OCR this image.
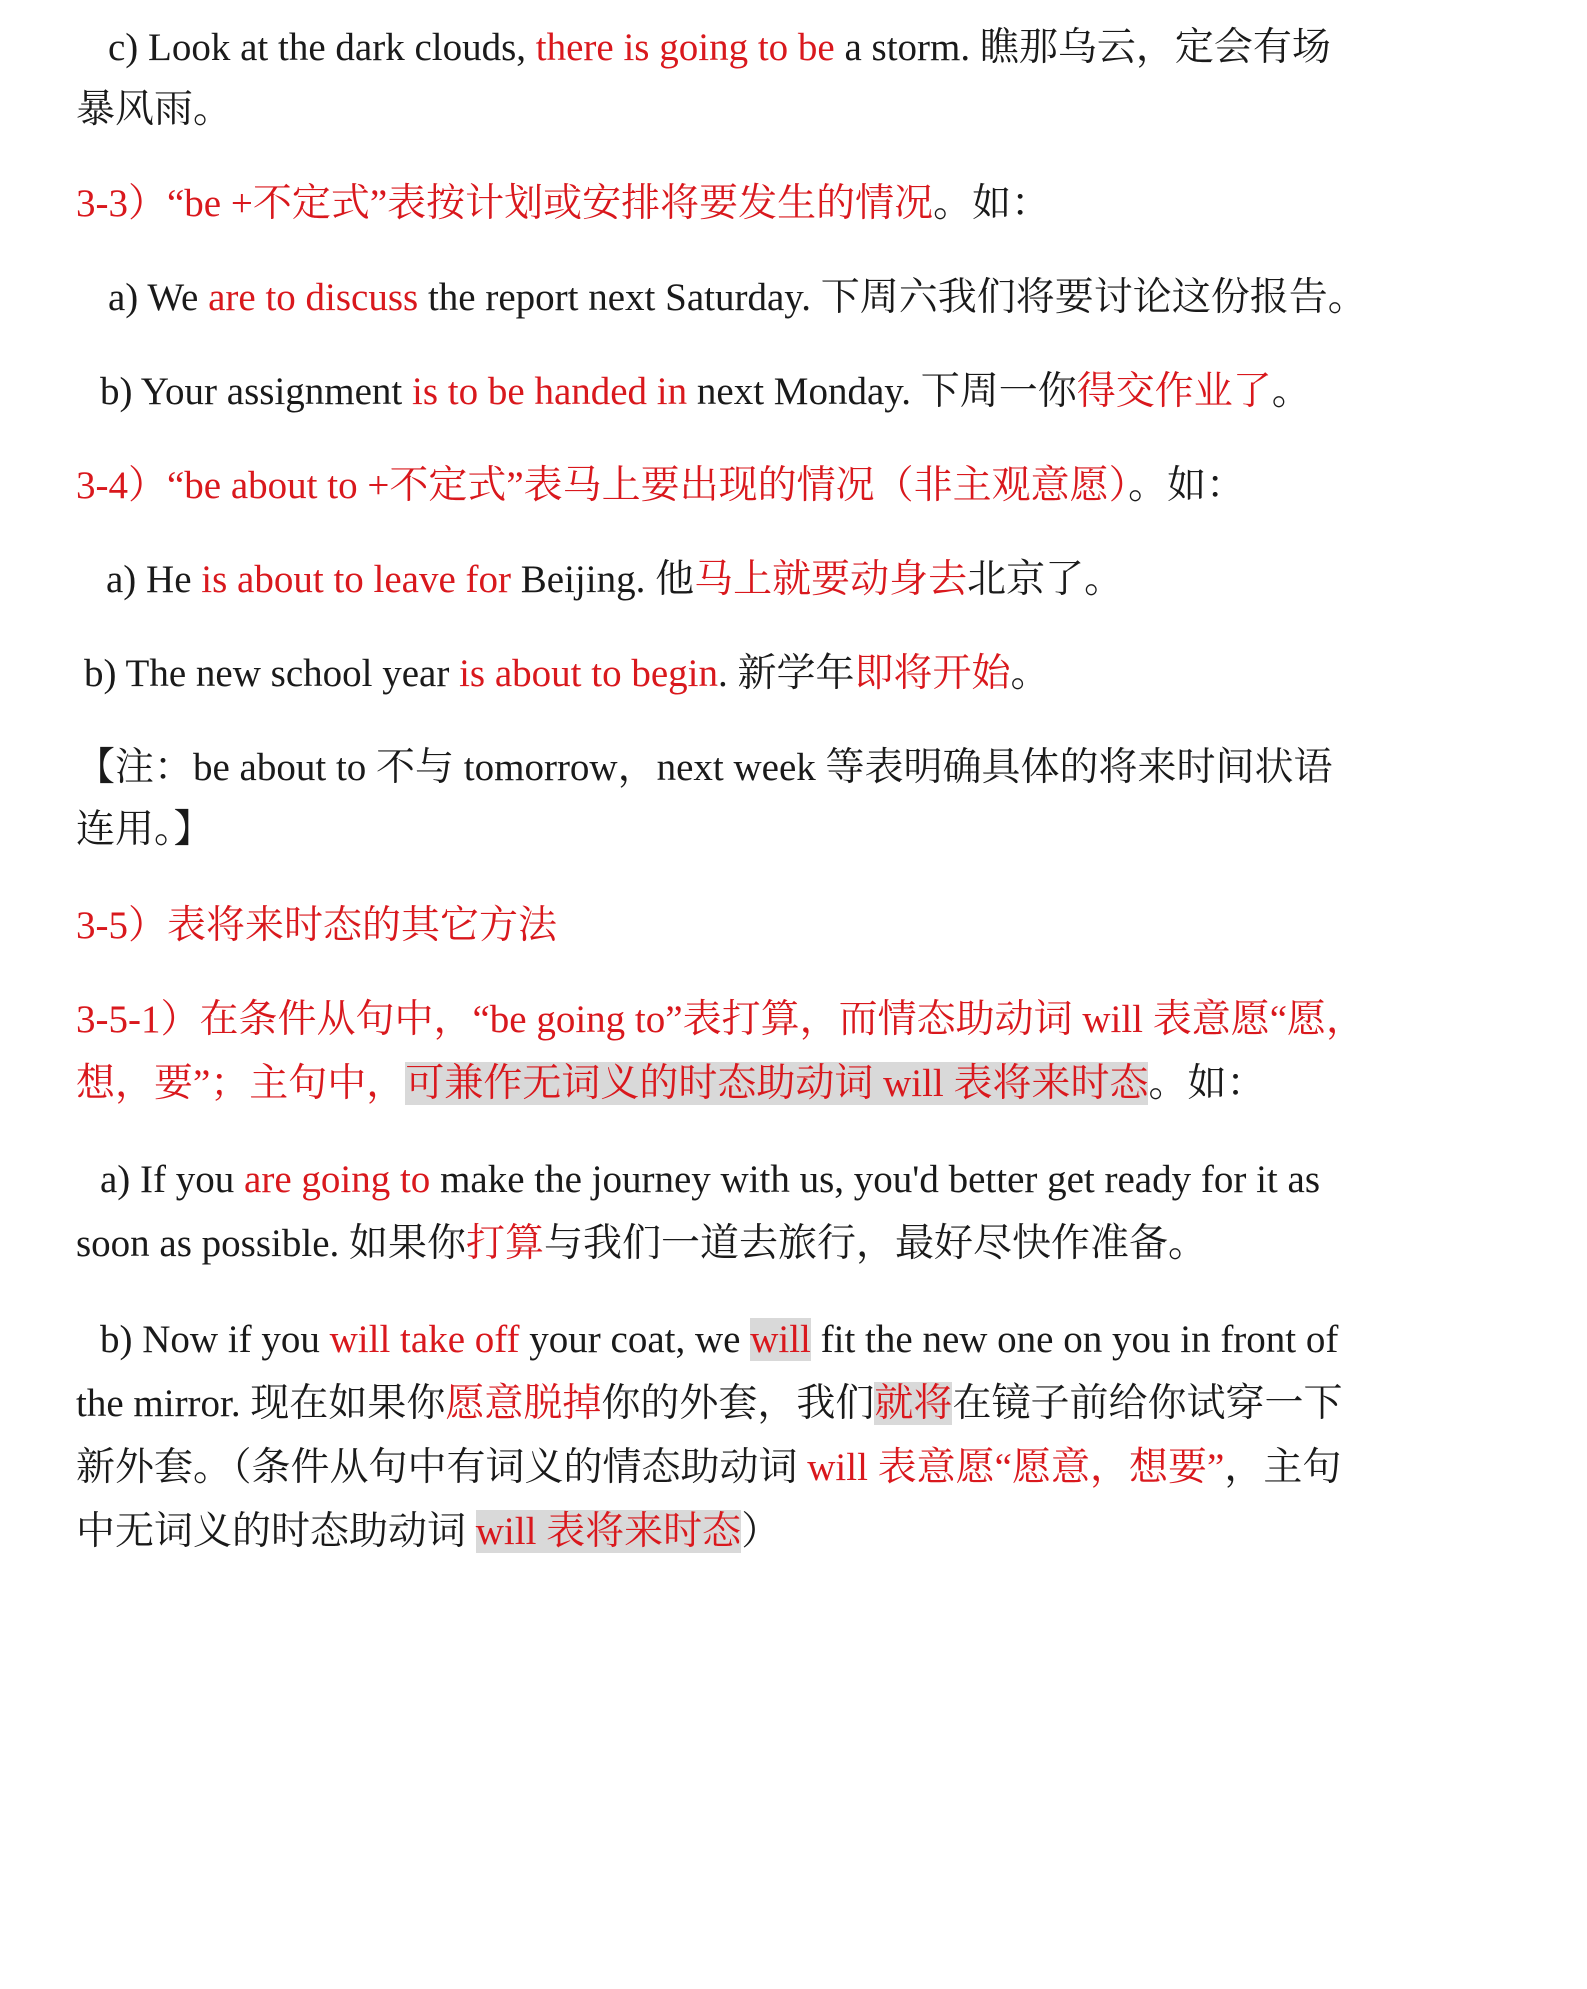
c) Look at the dark clouds, there is going to be a storm. 瞧那乌云，定会有场
暴风雨。
3-3）“be +不定式”表按计划或安排将要发生的情况。如：
a) We are to discuss the report next Saturday. 下周六我们将要讨论这份报告。
b) Your assignment is to be handed in next Monday. 下周一你得交作业了。
3-4）“be about to +不定式”表马上要出现的情况（非主观意愿）。如：
a) He is about to leave for Beijing. 他马上就要动身去北京了。
b) The new school year is about to begin. 新学年即将开始。
【注：be about to 不与 tomorrow，next week 等表明确具体的将来时间状语
连用。】
3-5）表将来时态的其它方法
3-5-1）在条件从句中，“be going to”表打算，而情态助动词 will 表意愿“愿，
想，要”；主句中，可兼作无词义的时态助动词 will 表将来时态。如：
a) If you are going to make the journey with us, you'd better get ready for it as
soon as possible. 如果你打算与我们一道去旅行，最好尽快作准备。
b) Now if you will take off your coat, we will fit the new one on you in front of
the mirror. 现在如果你愿意脱掉你的外套，我们就将在镜子前给你试穿一下
新外套。（条件从句中有词义的情态助动词 will 表意愿“愿意，想要”，主句
中无词义的时态助动词 will 表将来时态）
